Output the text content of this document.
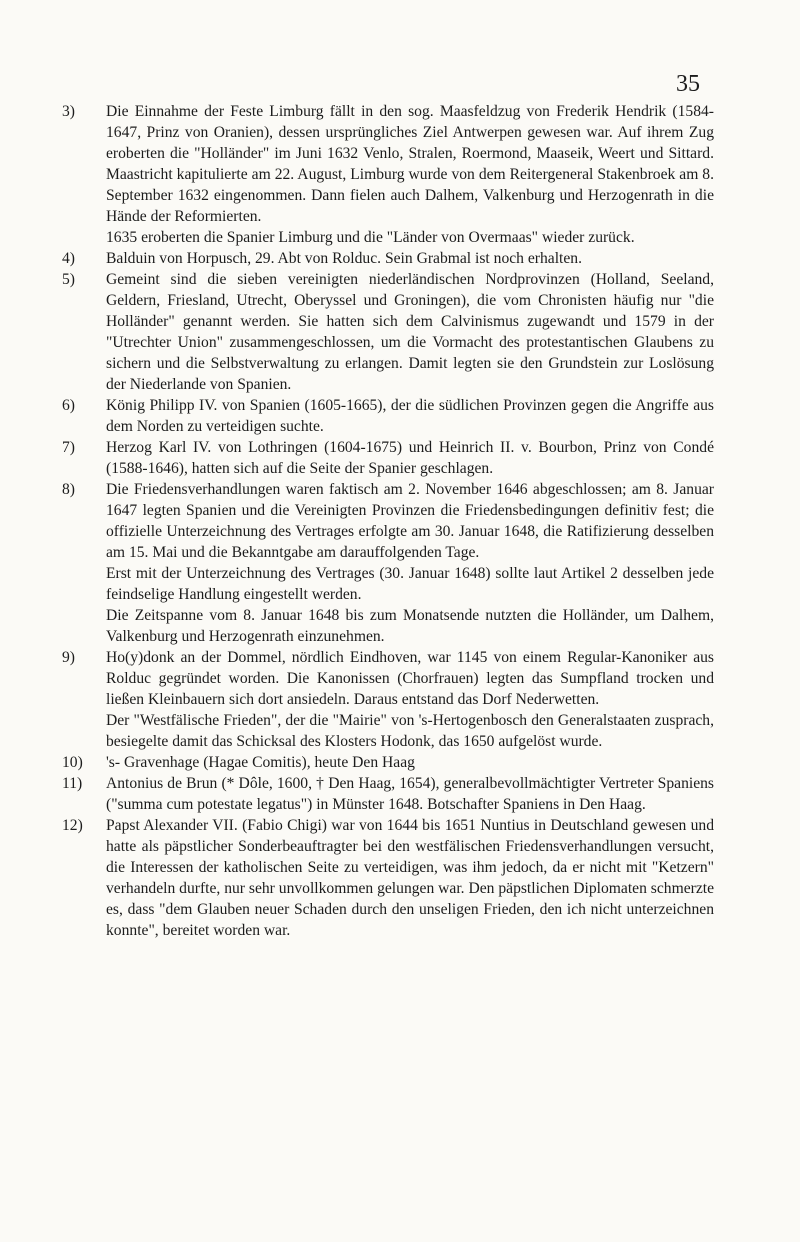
35
3)	Die Einnahme der Feste Limburg fällt in den sog. Maasfeldzug von Frederik Hendrik (1584-1647, Prinz von Oranien), dessen ursprüngliches Ziel Antwerpen gewesen war. Auf ihrem Zug eroberten die "Holländer" im Juni 1632 Venlo, Stralen, Roermond, Maaseik, Weert und Sittard. Maastricht kapitulierte am 22. August, Limburg wurde von dem Reitergeneral Stakenbroek am 8. September 1632 eingenommen. Dann fielen auch Dalhem, Valkenburg und Herzogenrath in die Hände der Reformierten.

1635 eroberten die Spanier Limburg und die "Länder von Overmaas" wieder zurück.

4)	Balduin von Horpusch, 29. Abt von Rolduc. Sein Grabmal ist noch erhalten.

5)	Gemeint sind die sieben vereinigten niederländischen Nordprovinzen (Holland, Seeland, Geldern, Friesland, Utrecht, Oberyssel und Groningen), die vom Chronisten häufig nur "die Holländer" genannt werden. Sie hatten sich dem Calvinismus zugewandt und 1579 in der "Utrechter Union" zusammengeschlossen, um die Vormacht des protestantischen Glaubens zu sichern und die Selbstverwaltung zu erlangen. Damit legten sie den Grundstein zur Loslösung der Niederlande von Spanien.

6)	König Philipp IV. von Spanien (1605-1665), der die südlichen Provinzen gegen die Angriffe aus dem Norden zu verteidigen suchte.

7)	Herzog Karl IV. von Lothringen (1604-1675) und Heinrich II. v. Bourbon, Prinz von Condé (1588-1646), hatten sich auf die Seite der Spanier geschlagen.

8)	Die Friedensverhandlungen waren faktisch am 2. November 1646 abgeschlossen; am 8. Januar 1647 legten Spanien und die Vereinigten Provinzen die Friedensbedingungen definitiv fest; die offizielle Unterzeichnung des Vertrages erfolgte am 30. Januar 1648, die Ratifizierung desselben am 15. Mai und die Bekanntgabe am darauffolgenden Tage.

Erst mit der Unterzeichnung des Vertrages (30. Januar 1648) sollte laut Artikel 2 desselben jede feindselige Handlung eingestellt werden.

Die Zeitspanne vom 8. Januar 1648 bis zum Monatsende nutzten die Holländer, um Dalhem, Valkenburg und Herzogenrath einzunehmen.

9)	Ho(y)donk an der Dommel, nördlich Eindhoven, war 1145 von einem Regular-Kanoniker aus Rolduc gegründet worden. Die Kanonissen (Chorfrauen) legten das Sumpfland trocken und ließen Kleinbauern sich dort ansiedeln. Daraus entstand das Dorf Nederwetten.

Der "Westfälische Frieden", der die "Mairie" von 's-Hertogenbosch den Generalstaaten zusprach, besiegelte damit das Schicksal des Klosters Hodonk, das 1650 aufgelöst wurde.

10)	's- Gravenhage (Hagae Comitis), heute Den Haag

11)	Antonius de Brun (* Dôle, 1600, † Den Haag, 1654), generalbevollmächtigter Vertreter Spaniens ("summa cum potestate legatus") in Münster 1648. Botschafter Spaniens in Den Haag.

12)	Papst Alexander VII. (Fabio Chigi) war von 1644 bis 1651 Nuntius in Deutschland gewesen und hatte als päpstlicher Sonderbeauftragter bei den westfälischen Friedensverhandlungen versucht, die Interessen der katholischen Seite zu verteidigen, was ihm jedoch, da er nicht mit "Ketzern" verhandeln durfte, nur sehr unvollkommen gelungen war. Den päpstlichen Diplomaten schmerzte es, dass "dem Glauben neuer Schaden durch den unseligen Frieden, den ich nicht unterzeichnen konnte", bereitet worden war.
